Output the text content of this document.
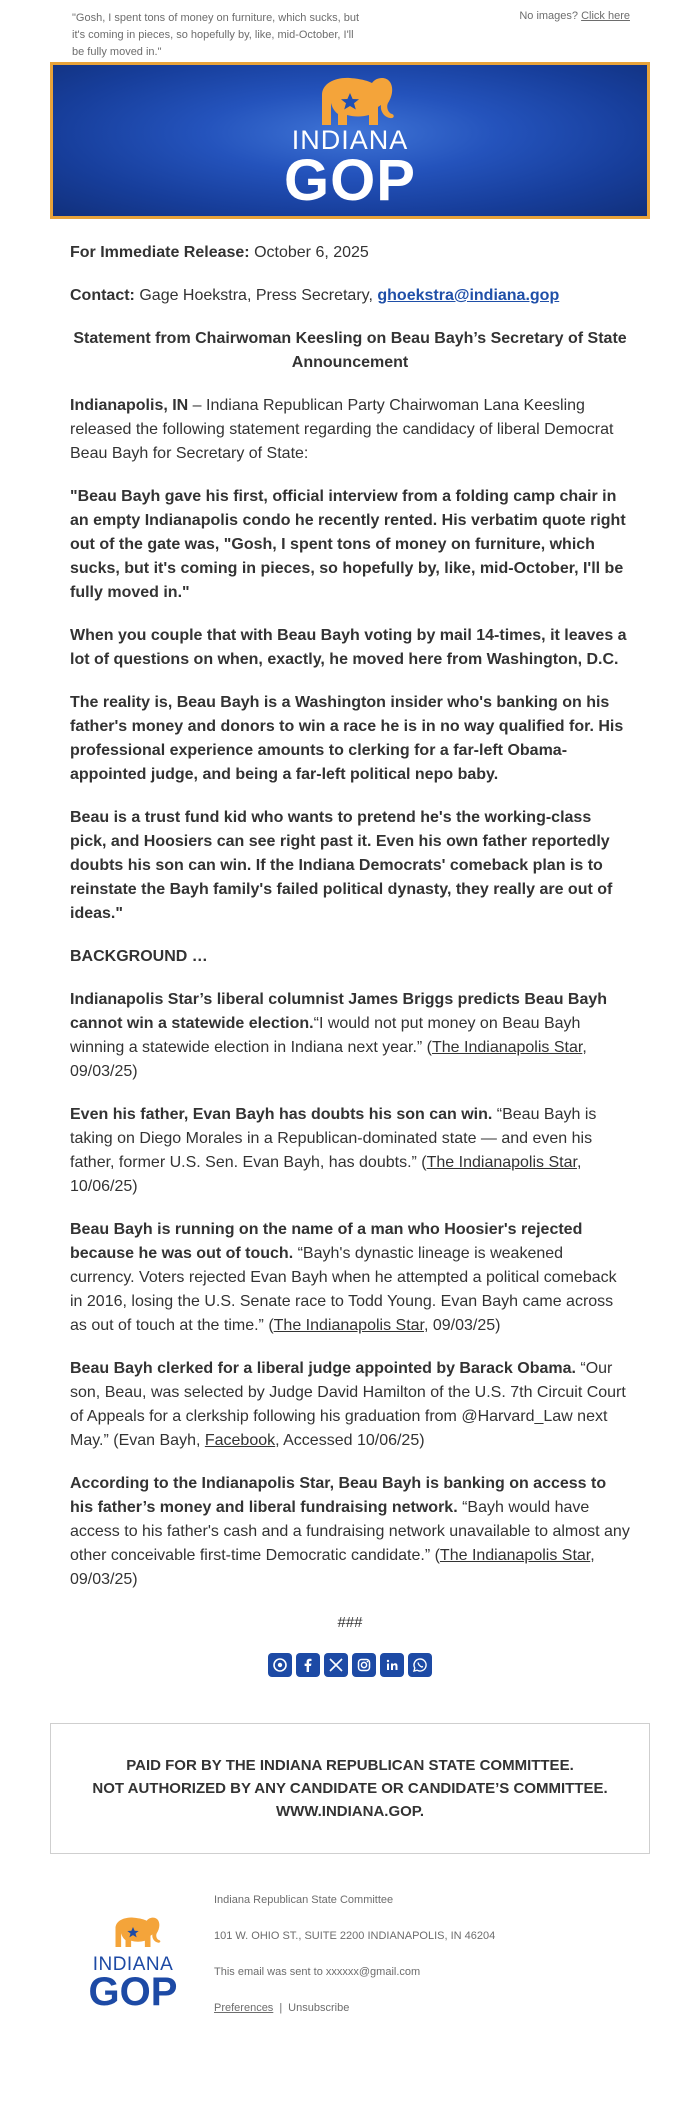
"Gosh, I spent tons of money on furniture, which sucks, but it's coming in pieces, so hopefully by, like, mid-October, I'll be fully moved in."
No images? Click here
INDIANA
GOP

For Immediate Release: October 6, 2025

Contact: Gage Hoekstra, Press Secretary, ghoekstra@indiana.gop

Statement from Chairwoman Keesling on Beau Bayh’s Secretary of State Announcement

Indianapolis, IN – Indiana Republican Party Chairwoman Lana Keesling released the following statement regarding the candidacy of liberal Democrat Beau Bayh for Secretary of State:

"Beau Bayh gave his first, official interview from a folding camp chair in an empty Indianapolis condo he recently rented. His verbatim quote right out of the gate was, "Gosh, I spent tons of money on furniture, which sucks, but it's coming in pieces, so hopefully by, like, mid-October, I'll be fully moved in."

When you couple that with Beau Bayh voting by mail 14-times, it leaves a lot of questions on when, exactly, he moved here from Washington, D.C.

The reality is, Beau Bayh is a Washington insider who's banking on his father's money and donors to win a race he is in no way qualified for. His professional experience amounts to clerking for a far-left Obama-appointed judge, and being a far-left political nepo baby.

Beau is a trust fund kid who wants to pretend he's the working-class pick, and Hoosiers can see right past it. Even his own father reportedly doubts his son can win. If the Indiana Democrats' comeback plan is to reinstate the Bayh family's failed political dynasty, they really are out of ideas."

BACKGROUND …

Indianapolis Star’s liberal columnist James Briggs predicts Beau Bayh cannot win a statewide election.“I would not put money on Beau Bayh winning a statewide election in Indiana next year.” (The Indianapolis Star, 09/03/25)

Even his father, Evan Bayh has doubts his son can win. “Beau Bayh is taking on Diego Morales in a Republican-dominated state — and even his father, former U.S. Sen. Evan Bayh, has doubts.” (The Indianapolis Star, 10/06/25)

Beau Bayh is running on the name of a man who Hoosier's rejected because he was out of touch. “Bayh's dynastic lineage is weakened currency. Voters rejected Evan Bayh when he attempted a political comeback in 2016, losing the U.S. Senate race to Todd Young. Evan Bayh came across as out of touch at the time.” (The Indianapolis Star, 09/03/25)

Beau Bayh clerked for a liberal judge appointed by Barack Obama. “Our son, Beau, was selected by Judge David Hamilton of the U.S. 7th Circuit Court of Appeals for a clerkship following his graduation from @Harvard_Law next May.” (Evan Bayh, Facebook, Accessed 10/06/25)

According to the Indianapolis Star, Beau Bayh is banking on access to his father’s money and liberal fundraising network. “Bayh would have access to his father's cash and a fundraising network unavailable to almost any other conceivable first-time Democratic candidate.” (The Indianapolis Star, 09/03/25)

###
PAID FOR BY THE INDIANA REPUBLICAN STATE COMMITTEE.
NOT AUTHORIZED BY ANY CANDIDATE OR CANDIDATE’S COMMITTEE.
WWW.INDIANA.GOP.
INDIANA
GOP
Indiana Republican State Committee
101 W. OHIO ST., SUITE 2200 INDIANAPOLIS, IN 46204
This email was sent to xxxxxx@gmail.com
Preferences | Unsubscribe
